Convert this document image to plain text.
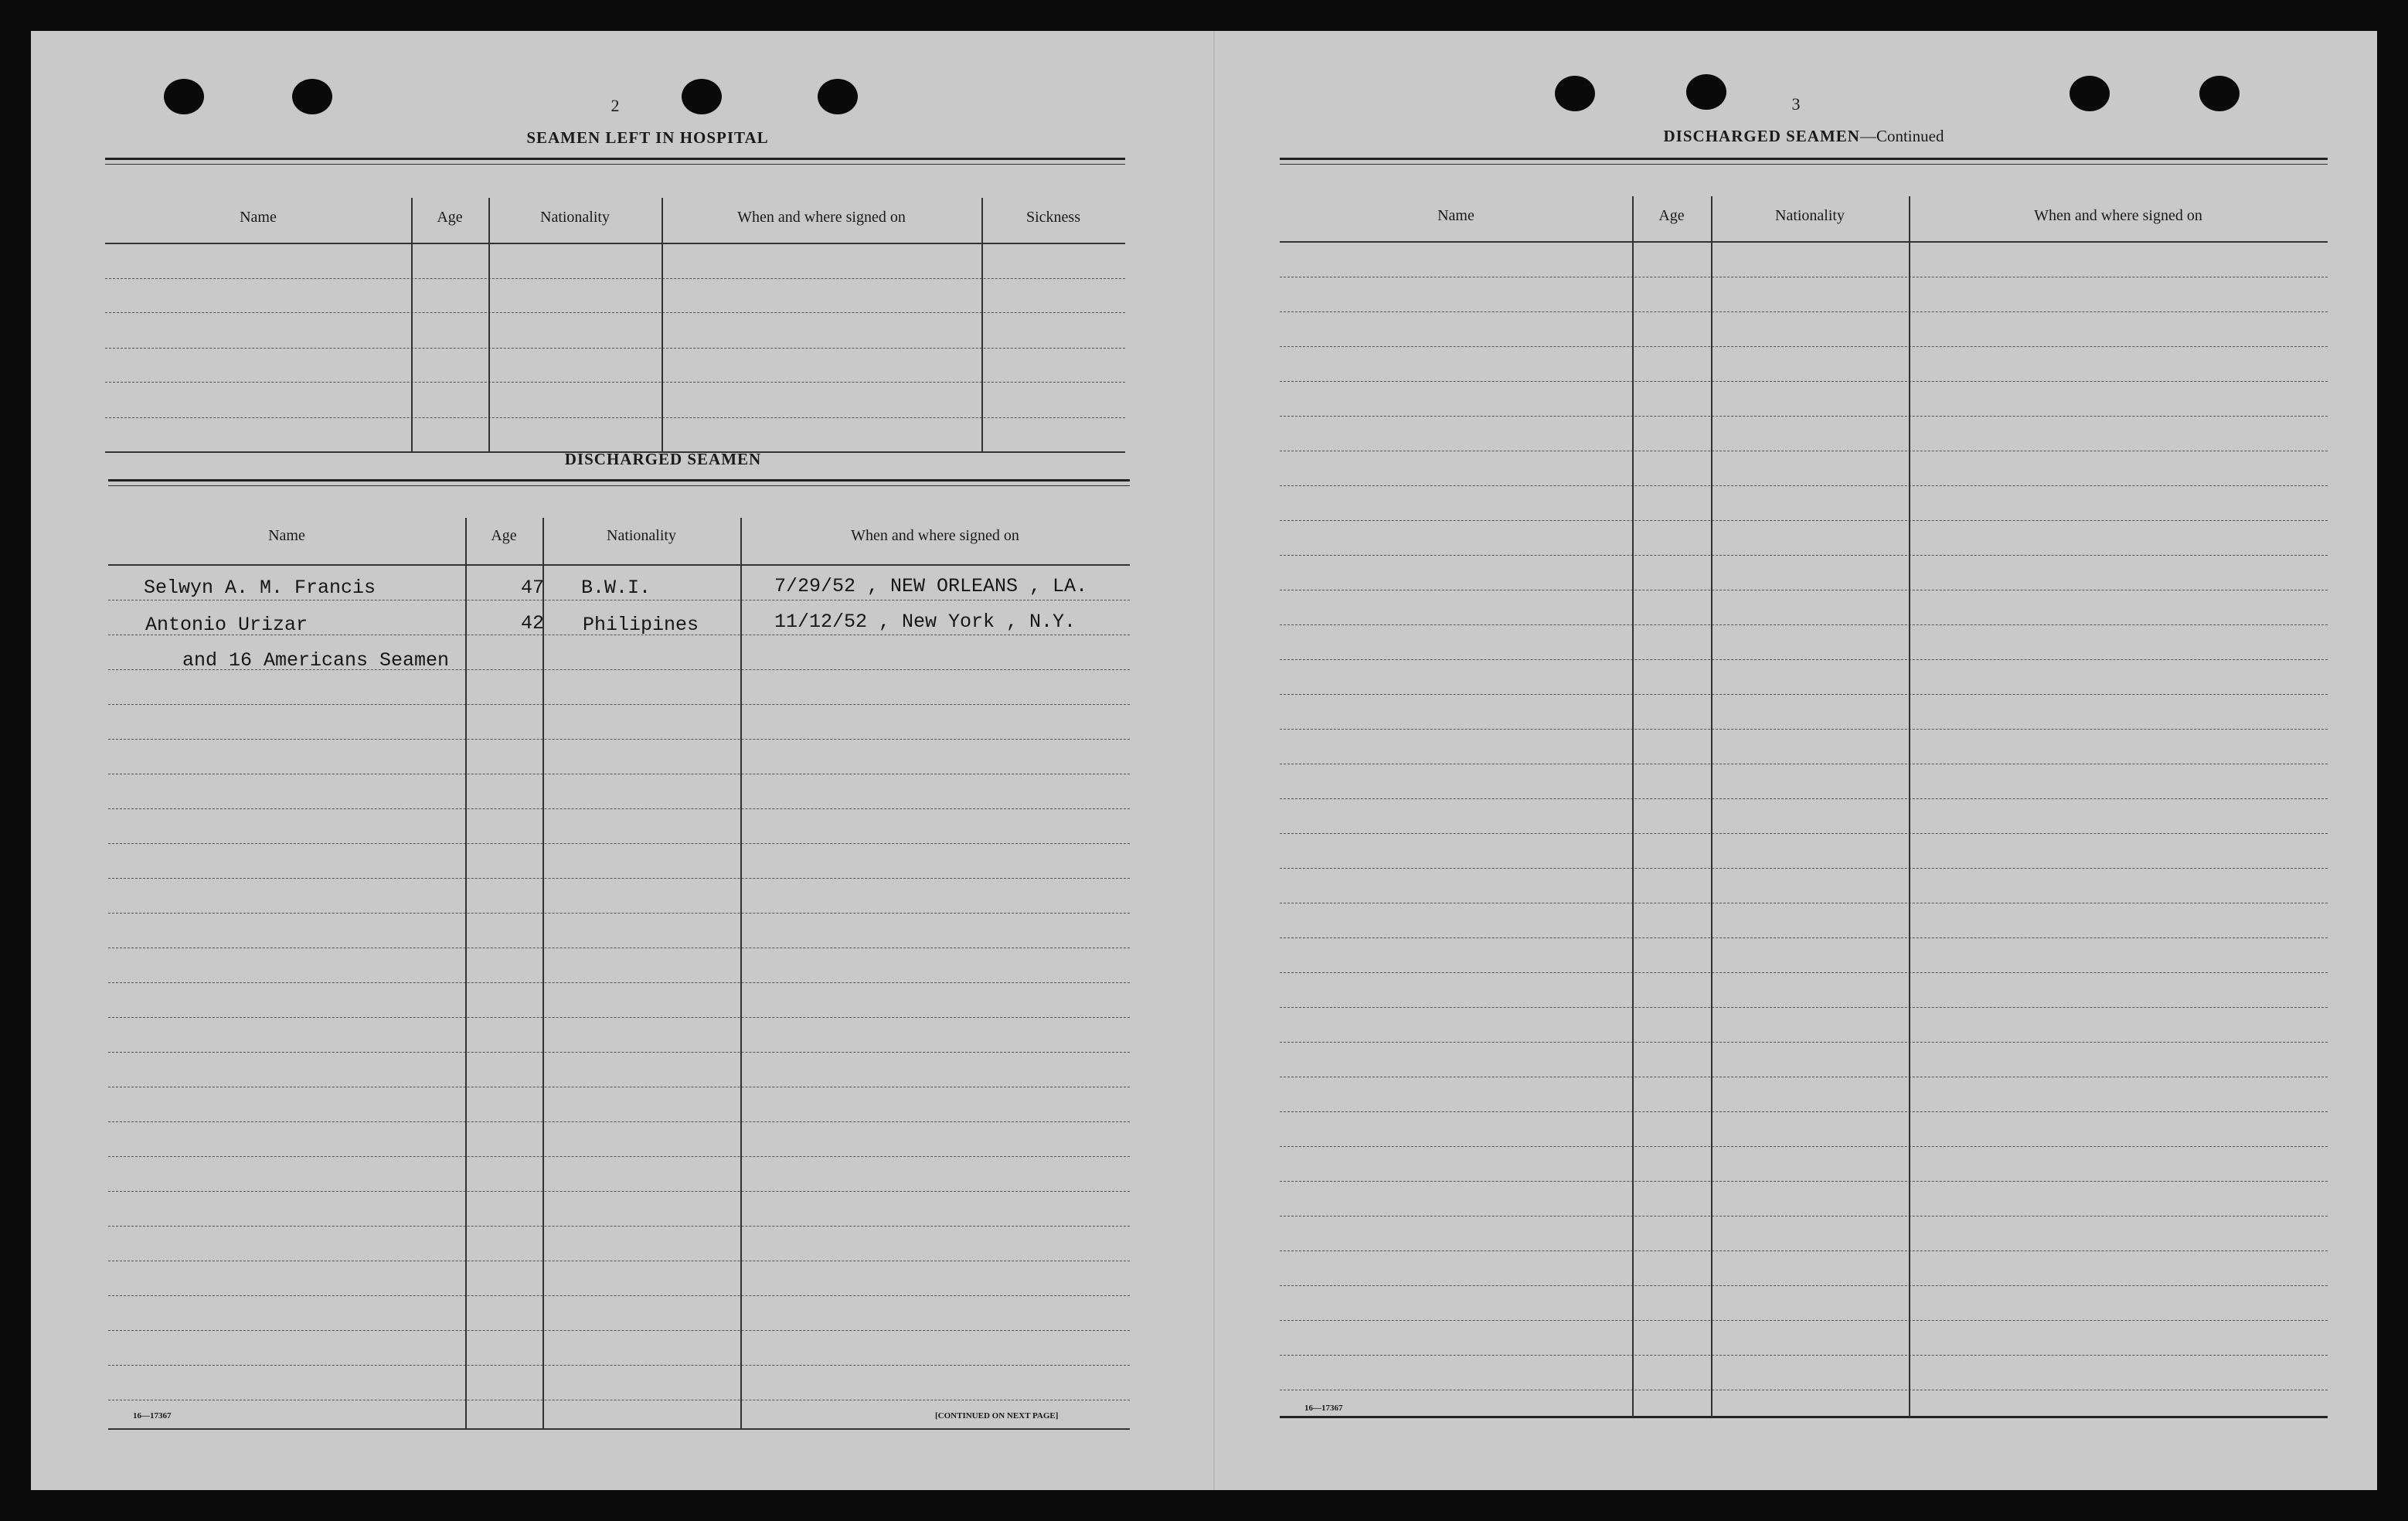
2
SEAMEN LEFT IN HOSPITAL
Name	Age	Nationality	When and where signed on	Sickness
DISCHARGED SEAMEN
Name	Age	Nationality	When and where signed on
Selwyn A. M. Francis	47 B.W.I.	7/29/52 , NEW ORLEANS , LA.
Antonio Urizar	42 Philipines	11/12/52 , New York , N.Y.
and 16 Americans Seamen
16—17367	[CONTINUED ON NEXT PAGE]
3
DISCHARGED SEAMEN—Continued
Name	Age	Nationality	When and where signed on
16—17367
